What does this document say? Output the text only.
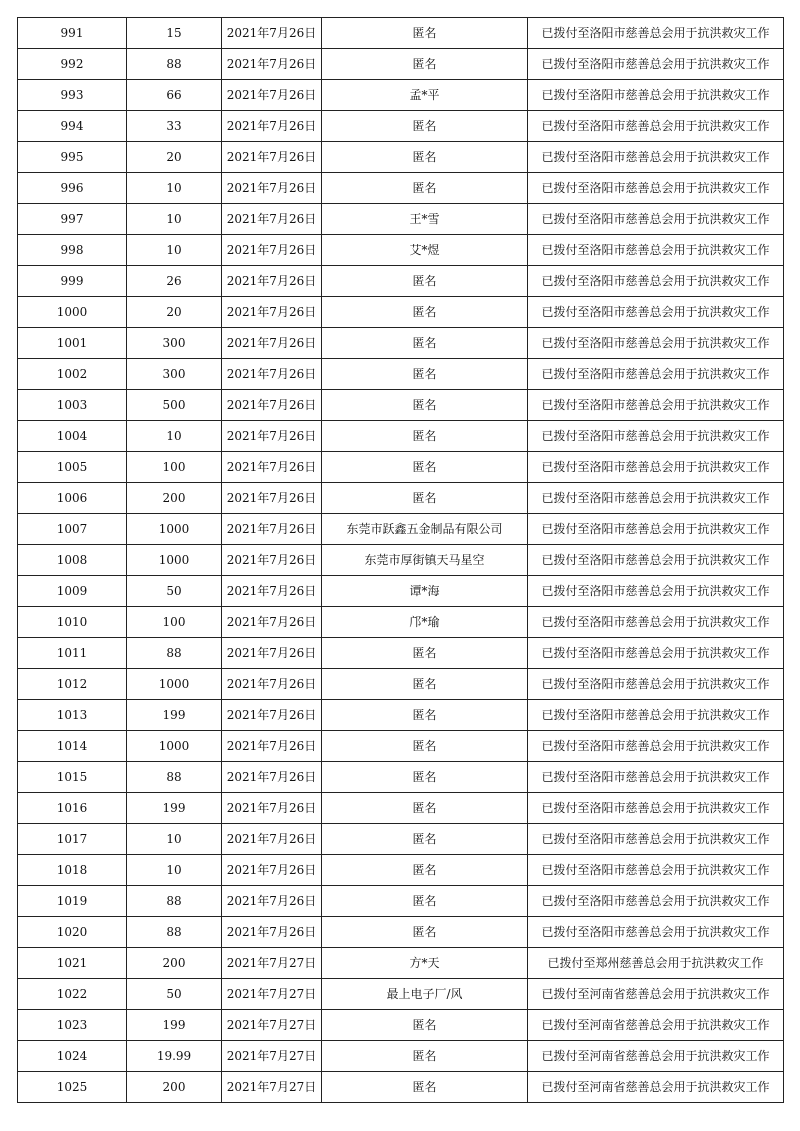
991	15	2021年7月26日	匿名	已拨付至洛阳市慈善总会用于抗洪救灾工作
992	88	2021年7月26日	匿名	已拨付至洛阳市慈善总会用于抗洪救灾工作
993	66	2021年7月26日	孟*平	已拨付至洛阳市慈善总会用于抗洪救灾工作
994	33	2021年7月26日	匿名	已拨付至洛阳市慈善总会用于抗洪救灾工作
995	20	2021年7月26日	匿名	已拨付至洛阳市慈善总会用于抗洪救灾工作
996	10	2021年7月26日	匿名	已拨付至洛阳市慈善总会用于抗洪救灾工作
997	10	2021年7月26日	王*雪	已拨付至洛阳市慈善总会用于抗洪救灾工作
998	10	2021年7月26日	艾*煜	已拨付至洛阳市慈善总会用于抗洪救灾工作
999	26	2021年7月26日	匿名	已拨付至洛阳市慈善总会用于抗洪救灾工作
1000	20	2021年7月26日	匿名	已拨付至洛阳市慈善总会用于抗洪救灾工作
1001	300	2021年7月26日	匿名	已拨付至洛阳市慈善总会用于抗洪救灾工作
1002	300	2021年7月26日	匿名	已拨付至洛阳市慈善总会用于抗洪救灾工作
1003	500	2021年7月26日	匿名	已拨付至洛阳市慈善总会用于抗洪救灾工作
1004	10	2021年7月26日	匿名	已拨付至洛阳市慈善总会用于抗洪救灾工作
1005	100	2021年7月26日	匿名	已拨付至洛阳市慈善总会用于抗洪救灾工作
1006	200	2021年7月26日	匿名	已拨付至洛阳市慈善总会用于抗洪救灾工作
1007	1000	2021年7月26日	东莞市跃鑫五金制品有限公司	已拨付至洛阳市慈善总会用于抗洪救灾工作
1008	1000	2021年7月26日	东莞市厚街镇天马星空	已拨付至洛阳市慈善总会用于抗洪救灾工作
1009	50	2021年7月26日	谭*海	已拨付至洛阳市慈善总会用于抗洪救灾工作
1010	100	2021年7月26日	邝*瑜	已拨付至洛阳市慈善总会用于抗洪救灾工作
1011	88	2021年7月26日	匿名	已拨付至洛阳市慈善总会用于抗洪救灾工作
1012	1000	2021年7月26日	匿名	已拨付至洛阳市慈善总会用于抗洪救灾工作
1013	199	2021年7月26日	匿名	已拨付至洛阳市慈善总会用于抗洪救灾工作
1014	1000	2021年7月26日	匿名	已拨付至洛阳市慈善总会用于抗洪救灾工作
1015	88	2021年7月26日	匿名	已拨付至洛阳市慈善总会用于抗洪救灾工作
1016	199	2021年7月26日	匿名	已拨付至洛阳市慈善总会用于抗洪救灾工作
1017	10	2021年7月26日	匿名	已拨付至洛阳市慈善总会用于抗洪救灾工作
1018	10	2021年7月26日	匿名	已拨付至洛阳市慈善总会用于抗洪救灾工作
1019	88	2021年7月26日	匿名	已拨付至洛阳市慈善总会用于抗洪救灾工作
1020	88	2021年7月26日	匿名	已拨付至洛阳市慈善总会用于抗洪救灾工作
1021	200	2021年7月27日	方*天	已拨付至郑州慈善总会用于抗洪救灾工作
1022	50	2021年7月27日	最上电子厂/风	已拨付至河南省慈善总会用于抗洪救灾工作
1023	199	2021年7月27日	匿名	已拨付至河南省慈善总会用于抗洪救灾工作
1024	19.99	2021年7月27日	匿名	已拨付至河南省慈善总会用于抗洪救灾工作
1025	200	2021年7月27日	匿名	已拨付至河南省慈善总会用于抗洪救灾工作
